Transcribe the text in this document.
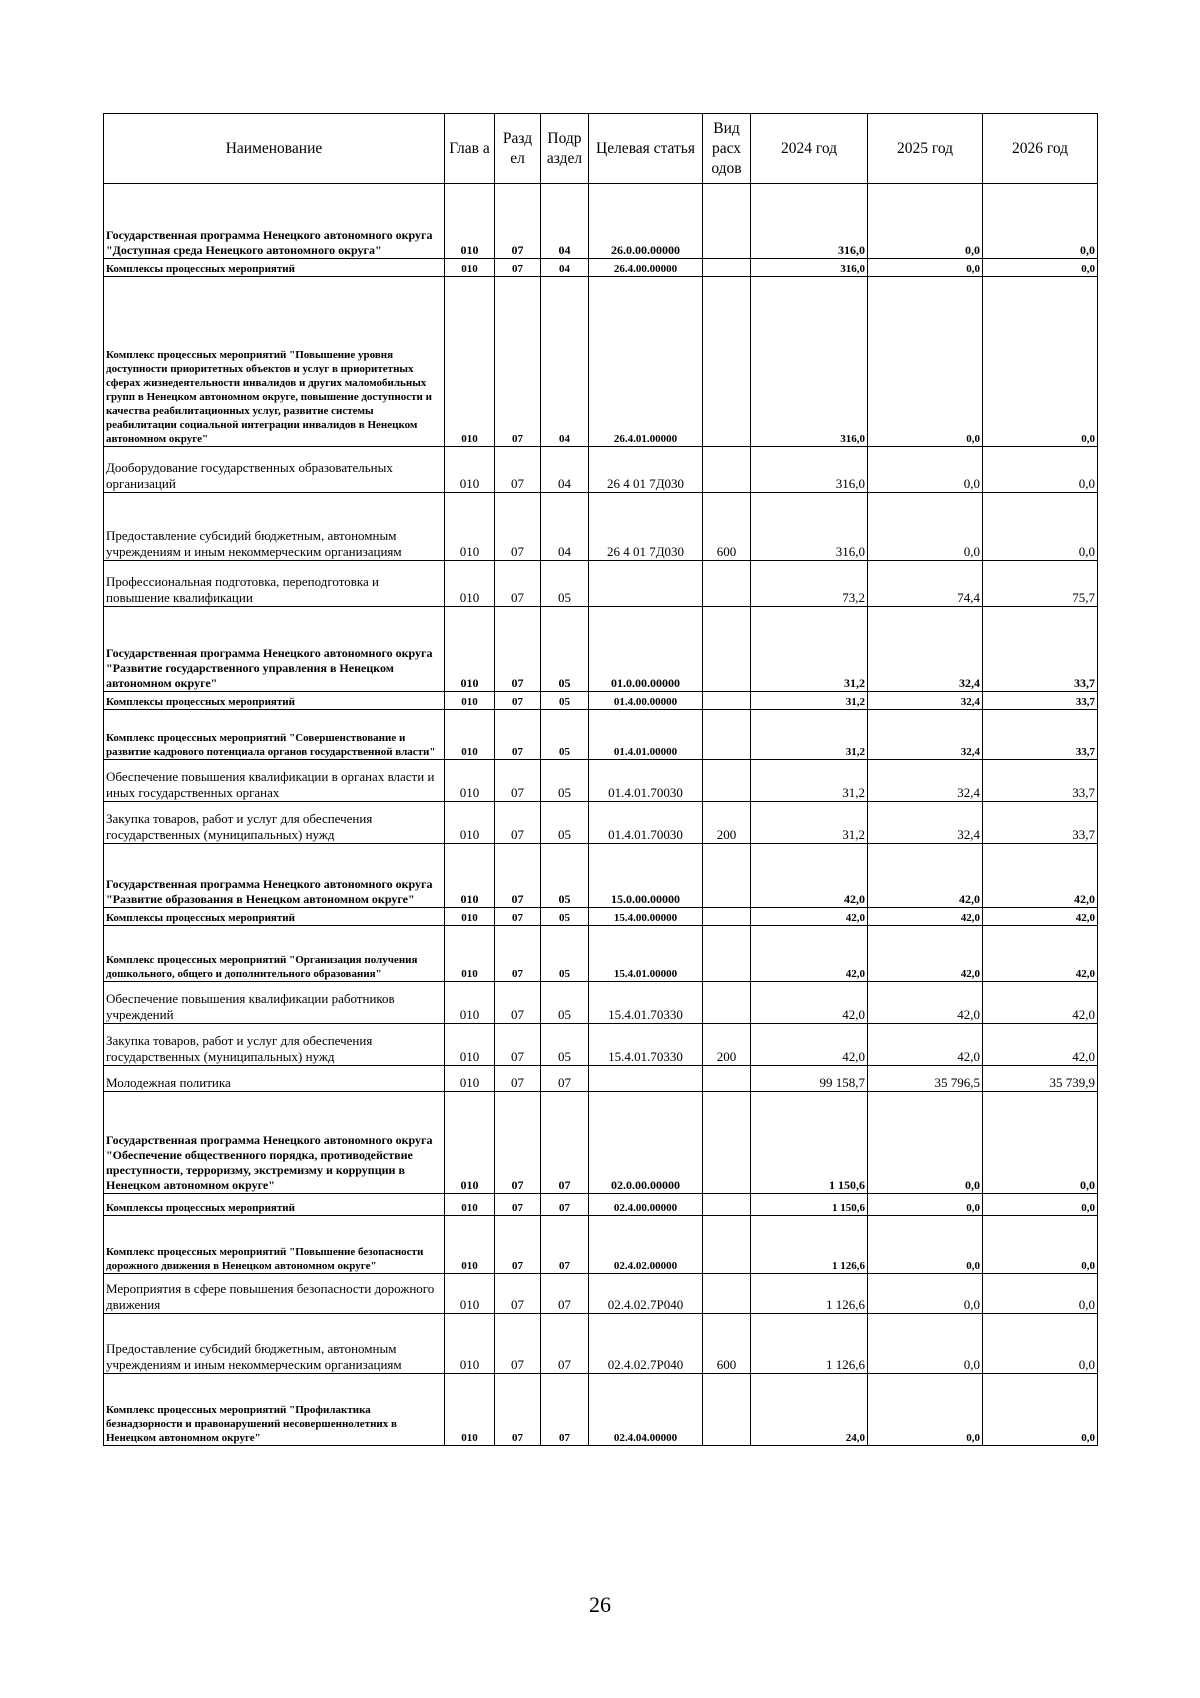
Наименование	Глав а	Разд ел	Подр аздел	Целевая статья	Вид расх одов	2024 год	2025 год	2026 год
Государственная программа Ненецкого автономного округа "Доступная среда Ненецкого автономного округа"	010	07	04	26.0.00.00000		316,0	0,0	0,0
Комплексы процессных мероприятий	010	07	04	26.4.00.00000		316,0	0,0	0,0
Комплекс процессных мероприятий "Повышение уровня доступности приоритетных объектов и услуг в приоритетных сферах жизнедеятельности инвалидов и других маломобильных групп в Ненецком автономном округе, повышение доступности и качества реабилитационных услуг, развитие системы реабилитации социальной интеграции инвалидов в Ненецком автономном округе"	010	07	04	26.4.01.00000		316,0	0,0	0,0
Дооборудование государственных образовательных организаций	010	07	04	26 4 01 7Д030		316,0	0,0	0,0
Предоставление субсидий бюджетным, автономным учреждениям и иным некоммерческим организациям	010	07	04	26 4 01 7Д030	600	316,0	0,0	0,0
Профессиональная подготовка, переподготовка и повышение квалификации	010	07	05			73,2	74,4	75,7
Государственная программа Ненецкого автономного округа "Развитие государственного управления в Ненецком автономном округе"	010	07	05	01.0.00.00000		31,2	32,4	33,7
Комплексы процессных мероприятий	010	07	05	01.4.00.00000		31,2	32,4	33,7
Комплекс процессных мероприятий "Совершенствование и развитие кадрового потенциала органов государственной власти"	010	07	05	01.4.01.00000		31,2	32,4	33,7
Обеспечение повышения квалификации в органах власти и иных государственных органах	010	07	05	01.4.01.70030		31,2	32,4	33,7
Закупка товаров, работ и услуг для обеспечения государственных (муниципальных) нужд	010	07	05	01.4.01.70030	200	31,2	32,4	33,7
Государственная программа Ненецкого автономного округа "Развитие образования в Ненецком автономном округе"	010	07	05	15.0.00.00000		42,0	42,0	42,0
Комплексы процессных мероприятий	010	07	05	15.4.00.00000		42,0	42,0	42,0
Комплекс процессных мероприятий "Организация получения дошкольного, общего и дополнительного образования"	010	07	05	15.4.01.00000		42,0	42,0	42,0
Обеспечение повышения квалификации работников учреждений	010	07	05	15.4.01.70330		42,0	42,0	42,0
Закупка товаров, работ и услуг для обеспечения государственных (муниципальных) нужд	010	07	05	15.4.01.70330	200	42,0	42,0	42,0
Молодежная политика	010	07	07			99 158,7	35 796,5	35 739,9
Государственная программа Ненецкого автономного округа "Обеспечение общественного порядка, противодействие преступности, терроризму, экстремизму и коррупции в Ненецком автономном округе"	010	07	07	02.0.00.00000		1 150,6	0,0	0,0
Комплексы процессных мероприятий	010	07	07	02.4.00.00000		1 150,6	0,0	0,0
Комплекс процессных мероприятий "Повышение безопасности дорожного движения в Ненецком автономном округе"	010	07	07	02.4.02.00000		1 126,6	0,0	0,0
Мероприятия в сфере повышения безопасности дорожного движения	010	07	07	02.4.02.7Р040		1 126,6	0,0	0,0
Предоставление субсидий бюджетным, автономным учреждениям и иным некоммерческим организациям	010	07	07	02.4.02.7Р040	600	1 126,6	0,0	0,0
Комплекс процессных мероприятий "Профилактика безнадзорности и правонарушений несовершеннолетних в Ненецком автономном округе"	010	07	07	02.4.04.00000		24,0	0,0	0,0
26
